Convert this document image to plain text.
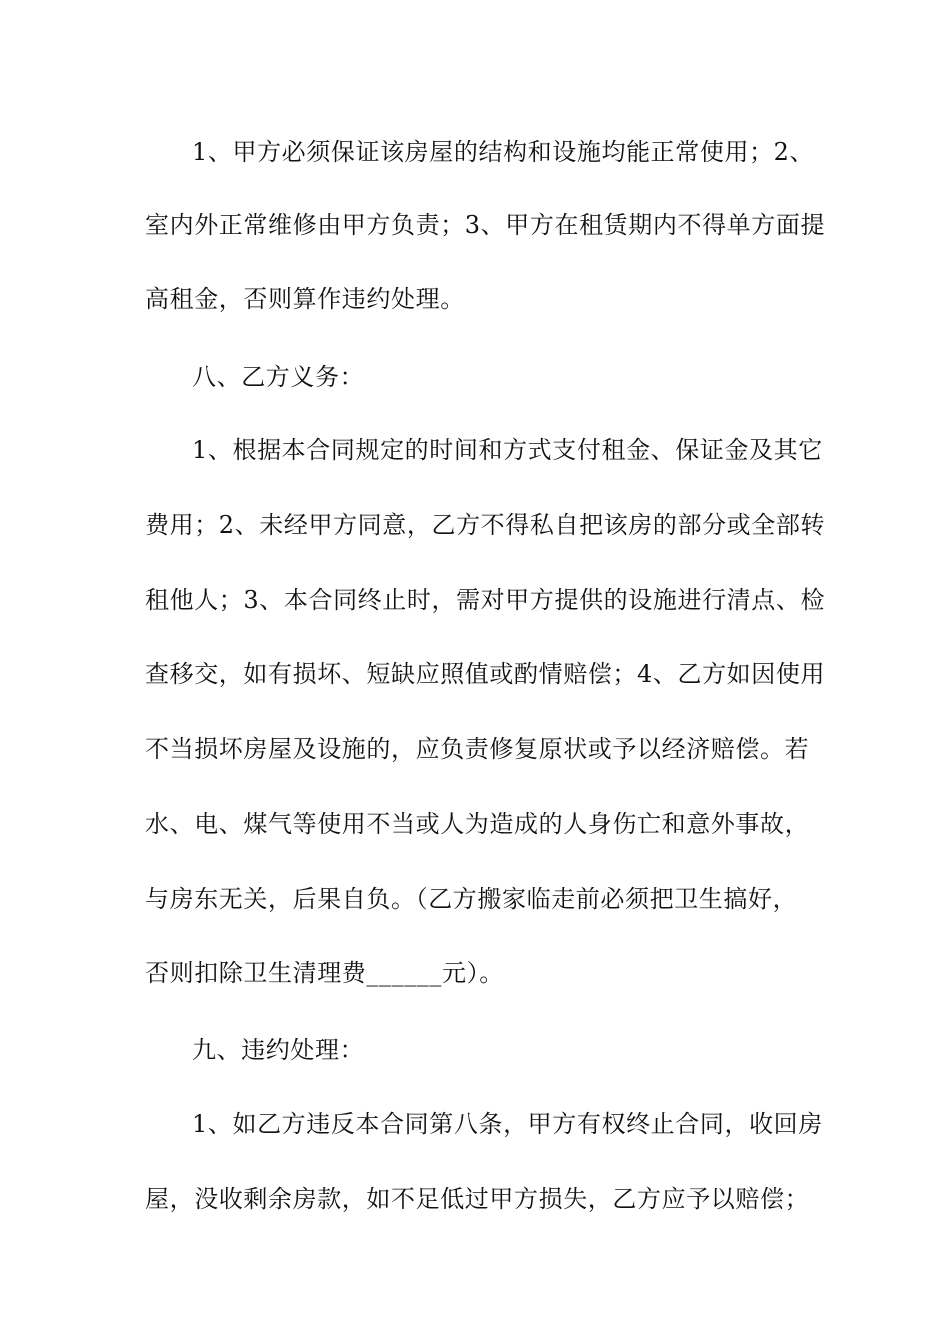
1、甲方必须保证该房屋的结构和设施均能正常使用；2、
室内外正常维修由甲方负责；3、甲方在租赁期内不得单方面提
高租金，否则算作违约处理。
八、乙方义务：
1、根据本合同规定的时间和方式支付租金、保证金及其它
费用；2、未经甲方同意，乙方不得私自把该房的部分或全部转
租他人；3、本合同终止时，需对甲方提供的设施进行清点、检
查移交，如有损坏、短缺应照值或酌情赔偿；4、乙方如因使用
不当损坏房屋及设施的，应负责修复原状或予以经济赔偿。若
水、电、煤气等使用不当或人为造成的人身伤亡和意外事故，
与房东无关，后果自负。（乙方搬家临走前必须把卫生搞好，
否则扣除卫生清理费______元）。
九、违约处理：
1、如乙方违反本合同第八条，甲方有权终止合同，收回房
屋，没收剩余房款，如不足低过甲方损失，乙方应予以赔偿；
